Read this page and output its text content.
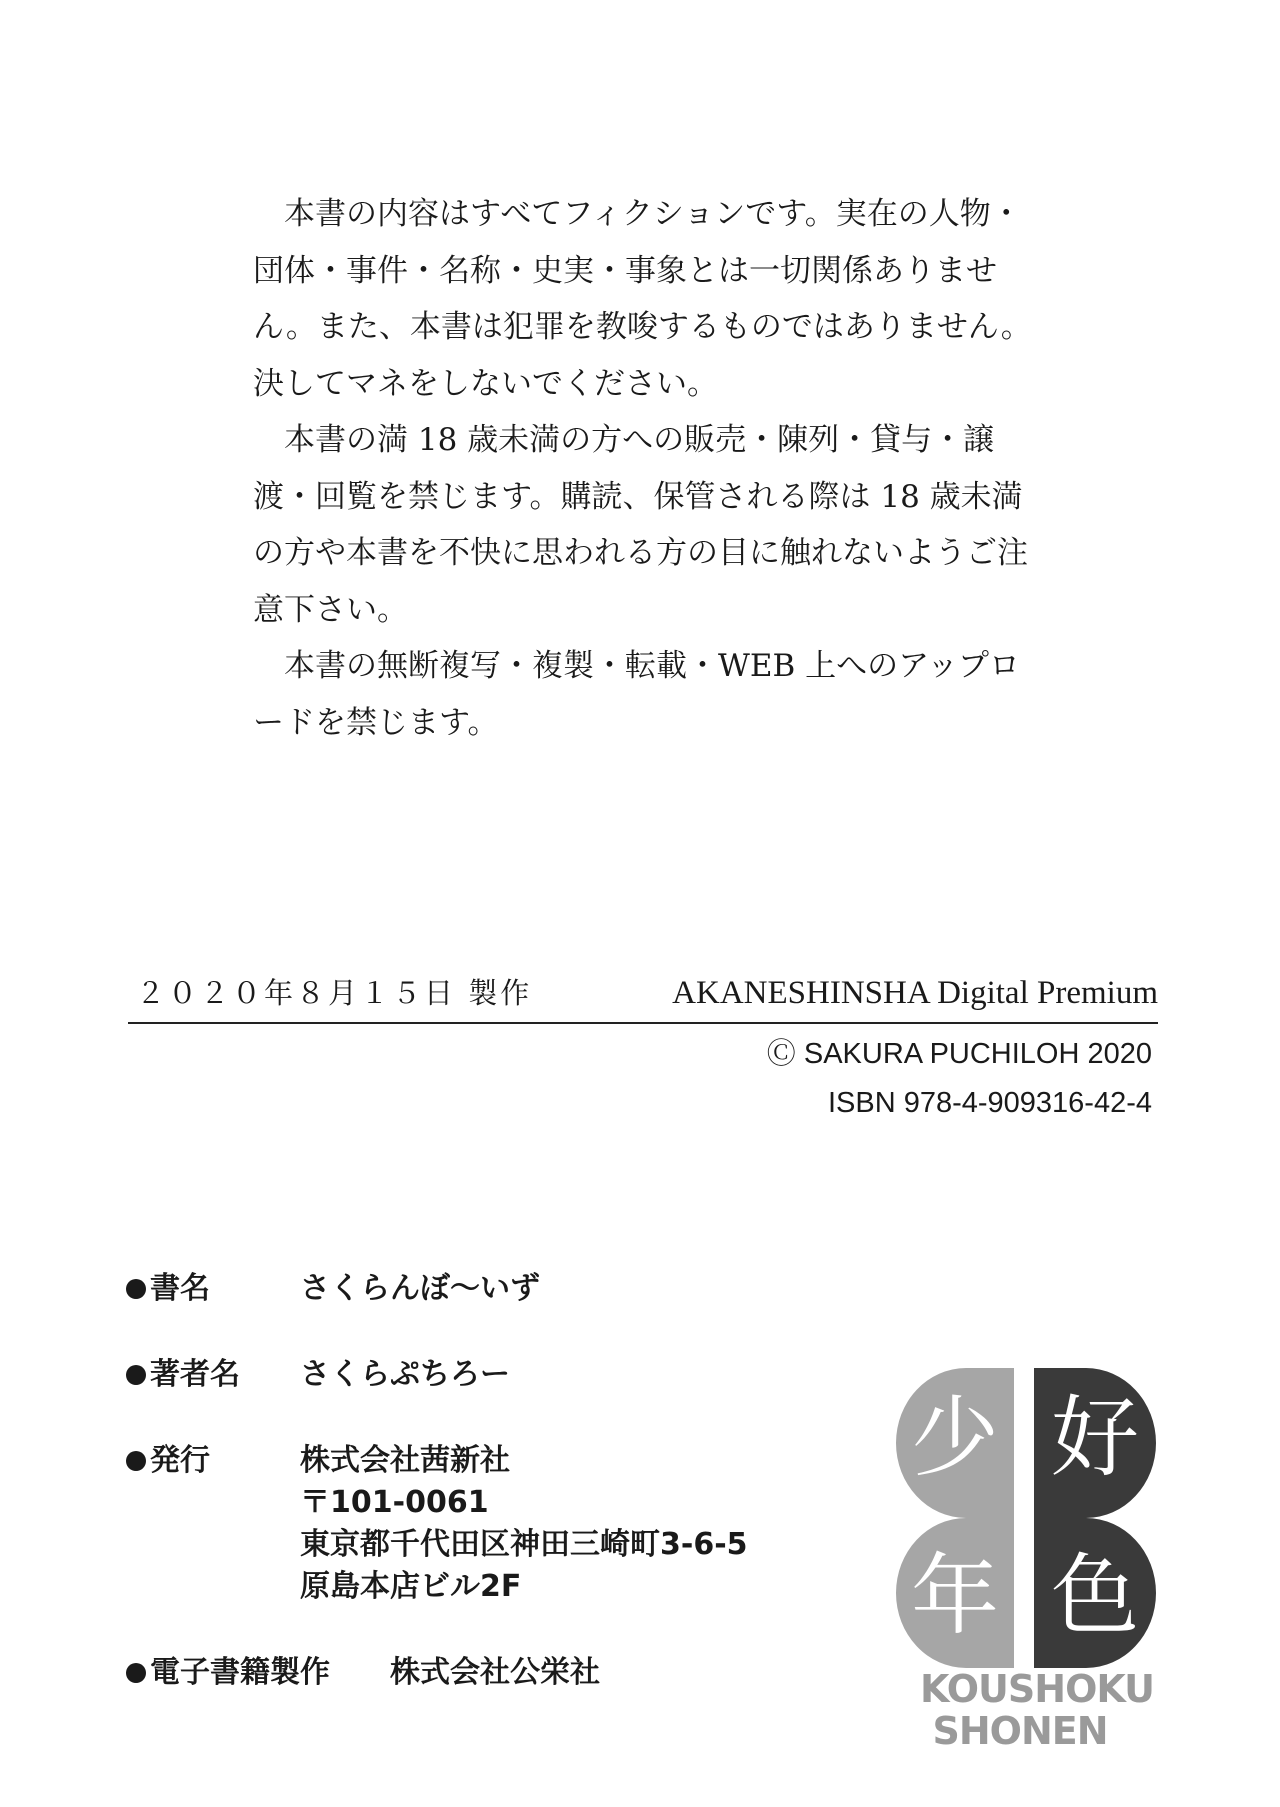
　本書の内容はすべてフィクションです。実在の人物・団体・事件・名称・史実・事象とは一切関係ありません。また、本書は犯罪を教唆するものではありません。決してマネをしないでください。

　本書の満 18 歳未満の方への販売・陳列・貸与・譲渡・回覧を禁じます。購読、保管される際は 18 歳未満の方や本書を不快に思われる方の目に触れないようご注意下さい。

　本書の無断複写・複製・転載・WEB 上へのアップロードを禁じます。

２０２０年８月１５日 製作	AKANESHINSHA Digital Premium
Ⓒ SAKURA PUCHILOH 2020
ISBN 978-4-909316-42-4
書名	さくらんぼ～いず
著者名	さくらぷちろー
発行	株式会社茜新社
〒101-0061
東京都千代田区神田三崎町3-6-5
原島本店ビル2F
電子書籍製作	株式会社公栄社
少 好
年 色
KOUSHOKU
SHONEN
